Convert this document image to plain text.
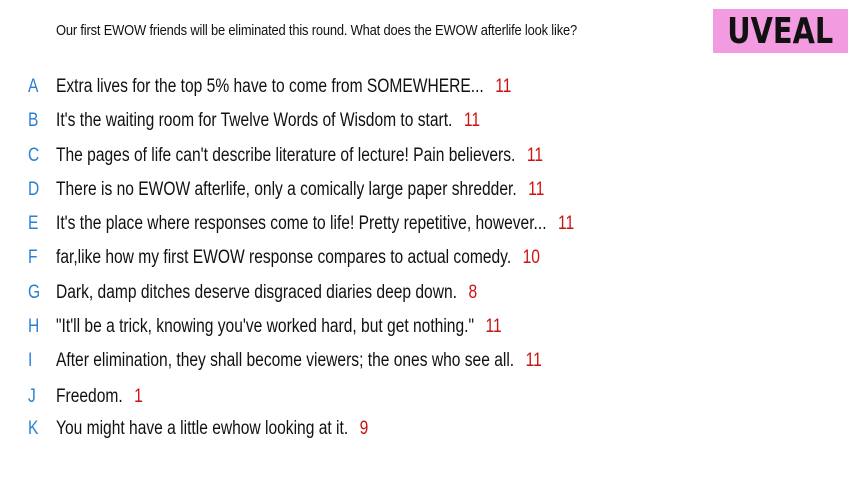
Our first EWOW friends will be eliminated this round. What does the EWOW afterlife look like?	UVEAL
A Extra lives for the top 5% have to come from SOMEWHERE... 11
B It's the waiting room for Twelve Words of Wisdom to start. 11
C The pages of life can't describe literature of lecture! Pain believers. 11
D There is no EWOW afterlife, only a comically large paper shredder. 11
E It's the place where responses come to life! Pretty repetitive, however... 11
F far,like how my first EWOW response compares to actual comedy. 10
G Dark, damp ditches deserve disgraced diaries deep down. 8
H "It'll be a trick, knowing you've worked hard, but get nothing." 11
I After elimination, they shall become viewers; the ones who see all. 11
J Freedom. 1
K You might have a little ewhow looking at it. 9
